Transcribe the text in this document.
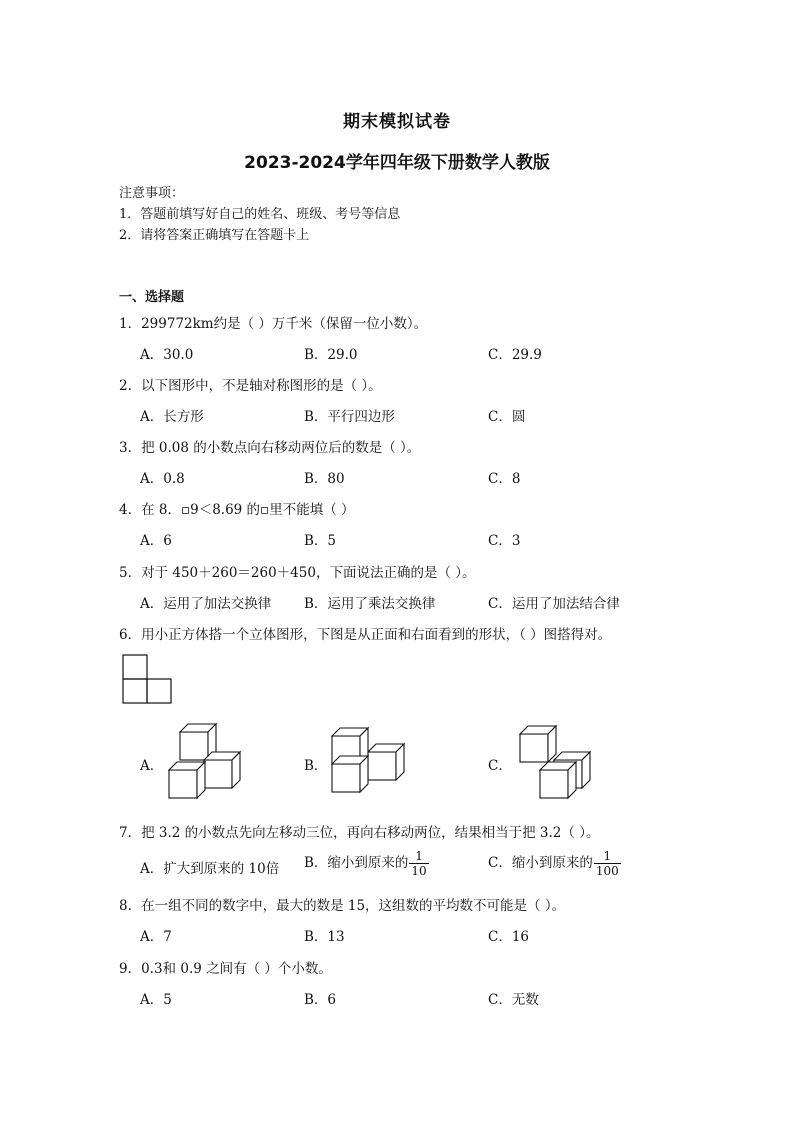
期末模拟试卷
2023-2024学年四年级下册数学人教版
注意事项：
1．答题前填写好自己的姓名、班级、考号等信息
2．请将答案正确填写在答题卡上
一、选择题
1．299772km约是（ ）万千米（保留一位小数）。
A．30.0	B．29.0	C．29.9
2．以下图形中，不是轴对称图形的是（ ）。
A．长方形	B．平行四边形	C．圆
3．把 0.08 的小数点向右移动两位后的数是（ ）。
A．0.8	B．80	C．8
4．在 8．▫9＜8.69 的▫里不能填（ ）
A．6	B．5	C．3
5．对于 450＋260＝260＋450，下面说法正确的是（ ）。
A．运用了加法交换律 B．运用了乘法交换律	C．运用了加法结合律
6．用小正方体搭一个立体图形，下图是从正面和右面看到的形状，（ ）图搭得对。
A．	B．	C．
7．把 3.2 的小数点先向左移动三位，再向右移动两位，结果相当于把 3.2（ ）。
A．扩大到原来的 10倍 B．缩小到原来的 $\frac{1}{10}$	C．缩小到原来的 $\frac{1}{100}$
8．在一组不同的数字中，最大的数是 15，这组数的平均数不可能是（ ）。
A．7	B．13	C．16
9．0.3和 0.9 之间有（ ）个小数。
A．5	B．6	C．无数
